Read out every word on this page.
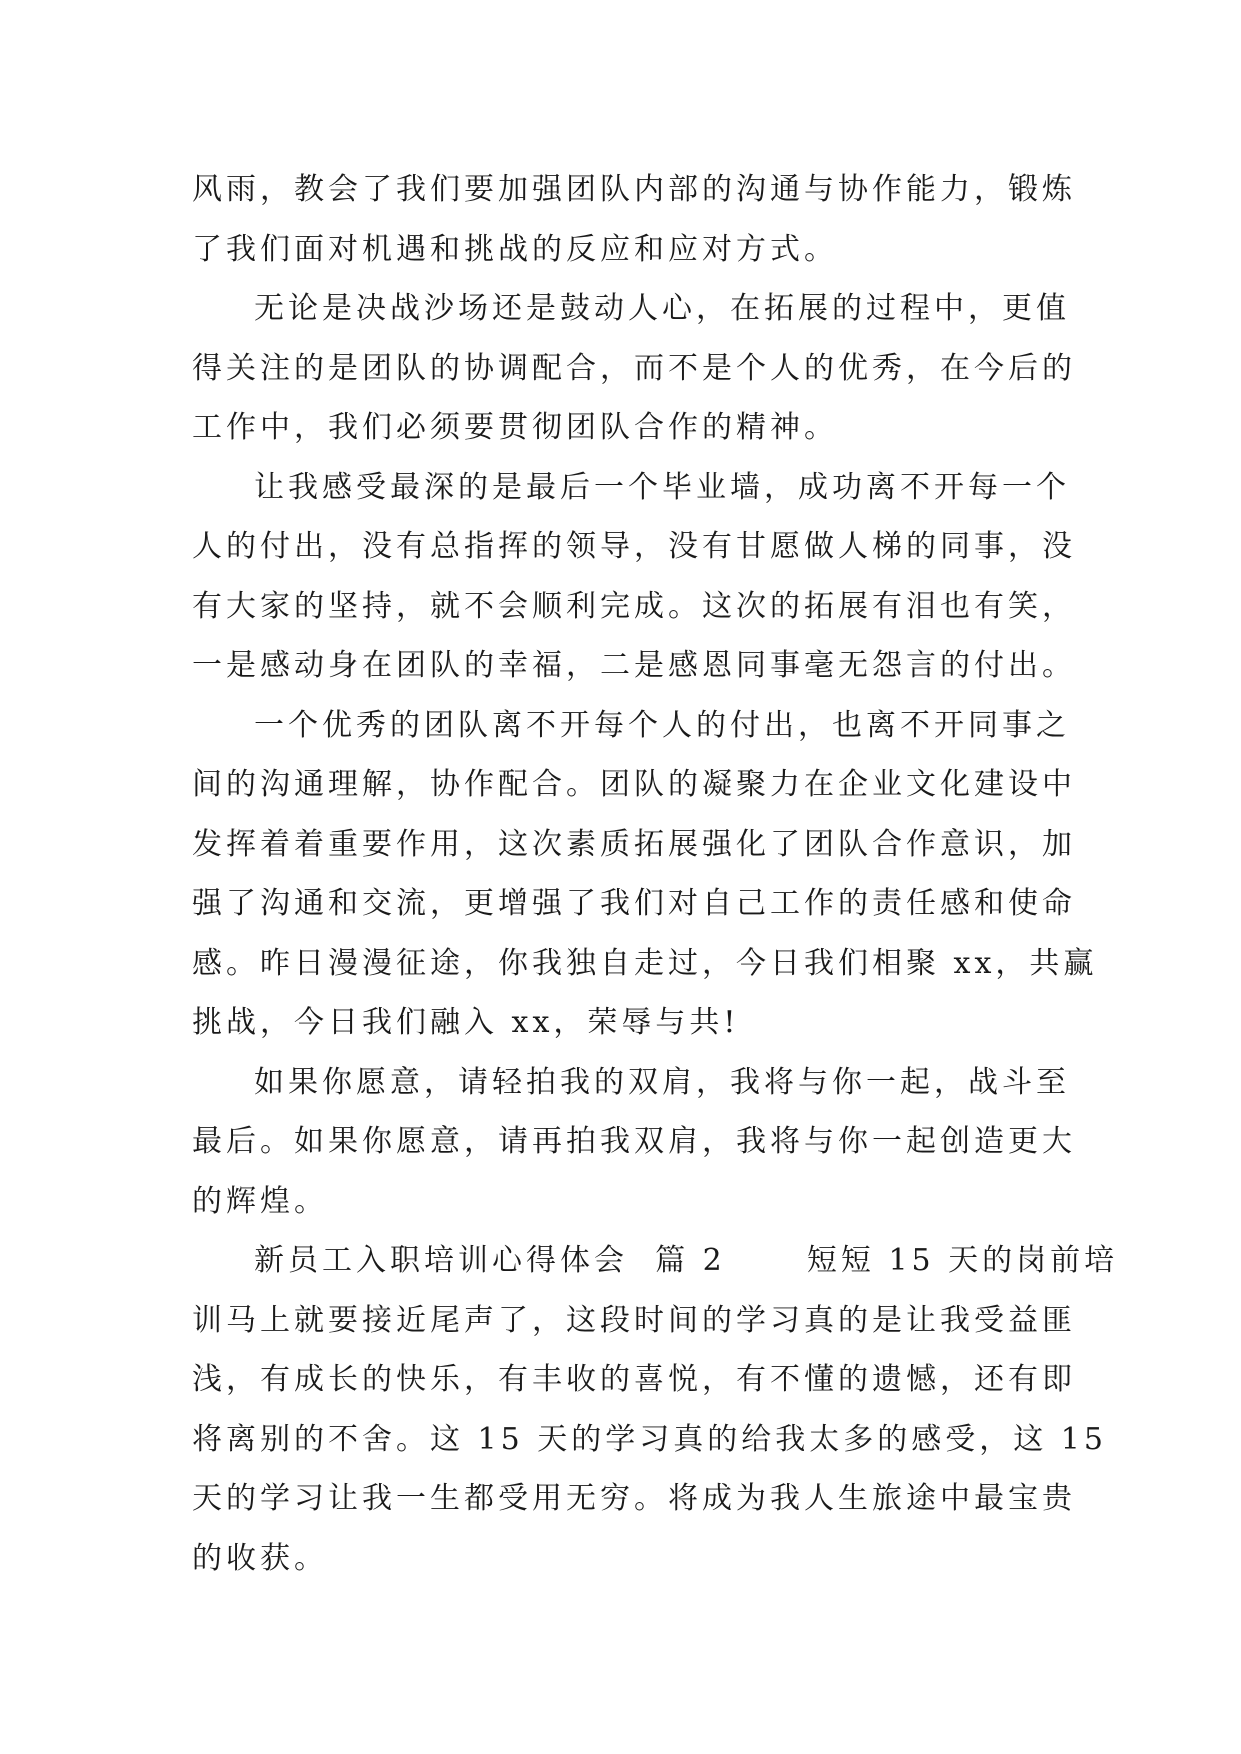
风雨，教会了我们要加强团队内部的沟通与协作能力，锻炼
了我们面对机遇和挑战的反应和应对方式。
无论是决战沙场还是鼓动人心，在拓展的过程中，更值
得关注的是团队的协调配合，而不是个人的优秀，在今后的
工作中，我们必须要贯彻团队合作的精神。
让我感受最深的是最后一个毕业墙，成功离不开每一个
人的付出，没有总指挥的领导，没有甘愿做人梯的同事，没
有大家的坚持，就不会顺利完成。这次的拓展有泪也有笑，
一是感动身在团队的幸福，二是感恩同事毫无怨言的付出。
一个优秀的团队离不开每个人的付出，也离不开同事之
间的沟通理解，协作配合。团队的凝聚力在企业文化建设中
发挥着着重要作用，这次素质拓展强化了团队合作意识，加
强了沟通和交流，更增强了我们对自己工作的责任感和使命
感。昨日漫漫征途，你我独自走过，今日我们相聚 xx，共赢
挑战，今日我们融入 xx，荣辱与共!
如果你愿意，请轻拍我的双肩，我将与你一起，战斗至
最后。如果你愿意，请再拍我双肩，我将与你一起创造更大
的辉煌。
新员工入职培训心得体会  篇 2      短短 15 天的岗前培
训马上就要接近尾声了，这段时间的学习真的是让我受益匪
浅，有成长的快乐，有丰收的喜悦，有不懂的遗憾，还有即
将离别的不舍。这 15 天的学习真的给我太多的感受，这 15
天的学习让我一生都受用无穷。将成为我人生旅途中最宝贵
的收获。
